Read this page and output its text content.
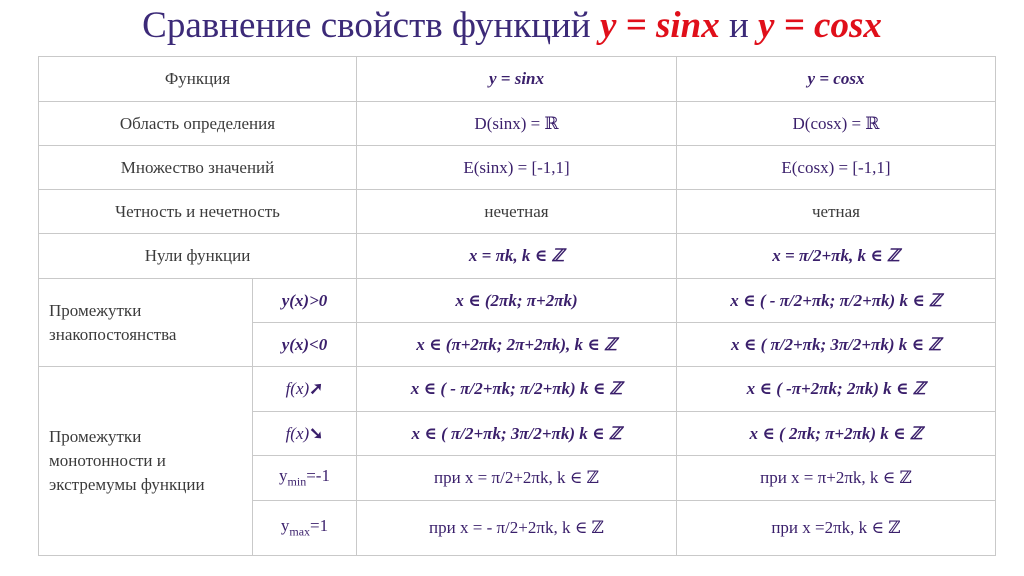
Сравнение свойств функций y = sinx и y = cosx
Функция		y = sinx	y = cosx
Область определения		D(sinx) = ℝ	D(cosx) = ℝ
Множество значений		E(sinx) = [-1,1]	E(cosx) = [-1,1]
Четность и нечетность		нечетная	четная
Нули функции		x = πk, k ∈ ℤ	x = π/2+πk, k ∈ ℤ
Промежутки знакопостоянства	y(x)>0	x ∈ (2πk; π+2πk)	x ∈ ( - π/2+πk; π/2+πk) k ∈ ℤ
	y(x)<0	x ∈ (π+2πk; 2π+2πk), k ∈ ℤ	x ∈ ( π/2+πk; 3π/2+πk) k ∈ ℤ
Промежутки монотонности и экстремумы функции	f(x)➚	x ∈ ( - π/2+πk; π/2+πk) k ∈ ℤ	x ∈ ( -π+2πk; 2πk) k ∈ ℤ
	f(x)➘	x ∈ ( π/2+πk; 3π/2+πk) k ∈ ℤ	x ∈ ( 2πk; π+2πk) k ∈ ℤ
	$y_{min}=-1$	при x = π/2+2πk, k ∈ ℤ	при x = π+2πk, k ∈ ℤ
	$y_{max}=1$	при x = - π/2+2πk, k ∈ ℤ	при x =2πk, k ∈ ℤ
